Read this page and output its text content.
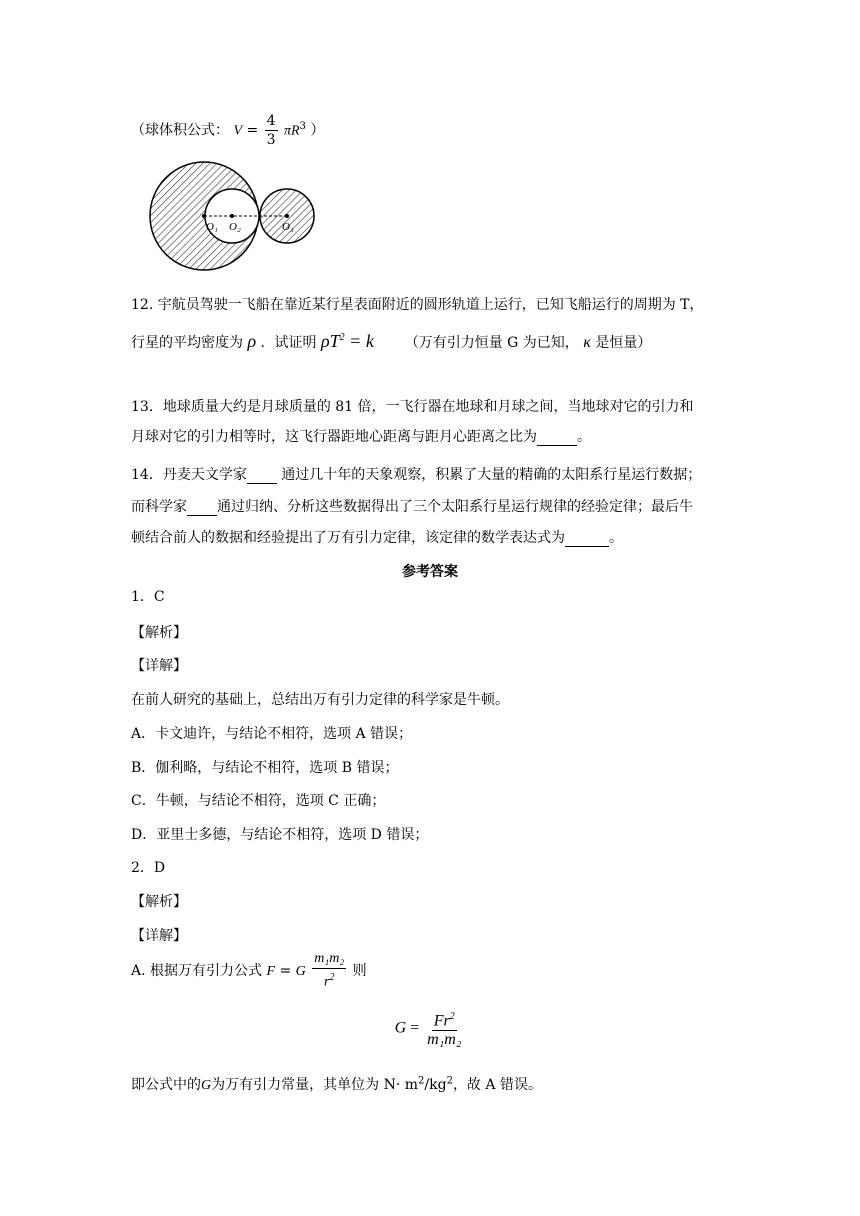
（球体积公式： $V = \frac{4}{3} \pi R^3$ ）
O₁ O₂	O₃
12. 宇航员驾驶一飞船在靠近某行星表面附近的圆形轨道上运行，已知飞船运行的周期为 T，
行星的平均密度为 ρ ．试证明 $\rho T^2 = k$ （万有引力恒量 G 为已知， κ 是恒量）
13．地球质量大约是月球质量的 81 倍，一飞行器在地球和月球之间，当地球对它的引力和
月球对它的引力相等时，这飞行器距地心距离与距月心距离之比为	。
14．丹麦天文学家 通过几十年的天象观察，积累了大量的精确的太阳系行星运行数据；
而科学家 通过归纳、分析这些数据得出了三个太阳系行星运行规律的经验定律；最后牛
顿结合前人的数据和经验提出了万有引力定律，该定律的数学表达式为	。
参考答案
1．C
【解析】
【详解】
在前人研究的基础上，总结出万有引力定律的科学家是牛顿。
A．卡文迪许，与结论不相符，选项 A 错误；
B．伽利略，与结论不相符，选项 B 错误；
C．牛顿，与结论不相符，选项 C 正确；
D．亚里士多德，与结论不相符，选项 D 错误；
2．D
【解析】
【详解】
A. 根据万有引力公式 F = G $\frac{\text{m₁m₂}}{r^2}$ 则
$G = \frac{Fr^2}{\text{m₁m₂}}$
即公式中的G为万有引力常量，其单位为 $N\cdot m^2/kg^2$，故 A 错误。
